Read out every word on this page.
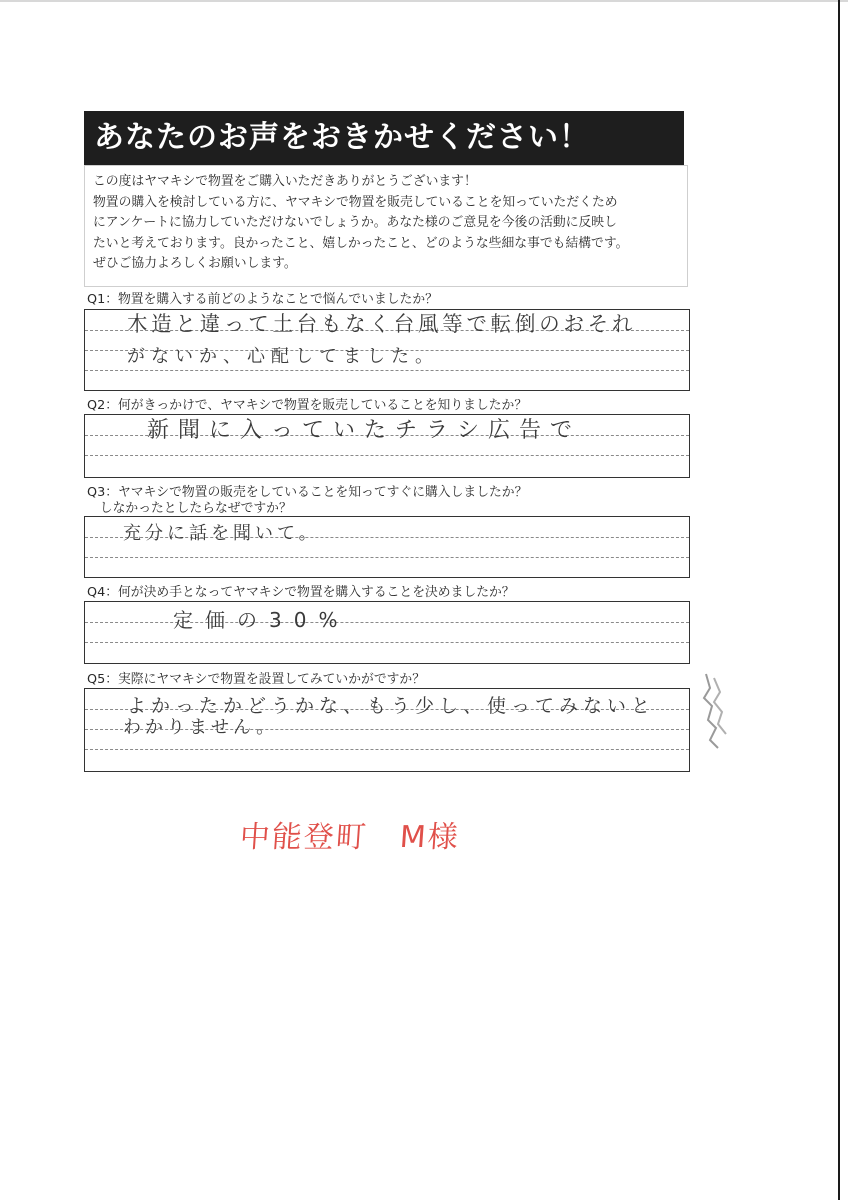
あなたのお声をおきかせください！
この度はヤマキシで物置をご購入いただきありがとうございます！
物置の購入を検討している方に、ヤマキシで物置を販売していることを知っていただくため
にアンケートに協力していただけないでしょうか。あなた様のご意見を今後の活動に反映し
たいと考えております。良かったこと、嬉しかったこと、どのような些細な事でも結構です。
ぜひご協力よろしくお願いします。
Q1：物置を購入する前どのようなことで悩んでいましたか？
木造と違って土台もなく台風等で転倒のおそれ
がないか、心配してました。
Q2：何がきっかけで、ヤマキシで物置を販売していることを知りましたか？
新聞に入っていたチラシ広告で
Q3：ヤマキシで物置の販売をしていることを知ってすぐに購入しましたか？
　しなかったとしたらなぜですか？
充分に話を聞いて。
Q4：何が決め手となってヤマキシで物置を購入することを決めましたか？
定価の30%
Q5：実際にヤマキシで物置を設置してみていかがですか？
よかったかどうかな、もう少し、使ってみないと
わかりません。
中能登町　M様
